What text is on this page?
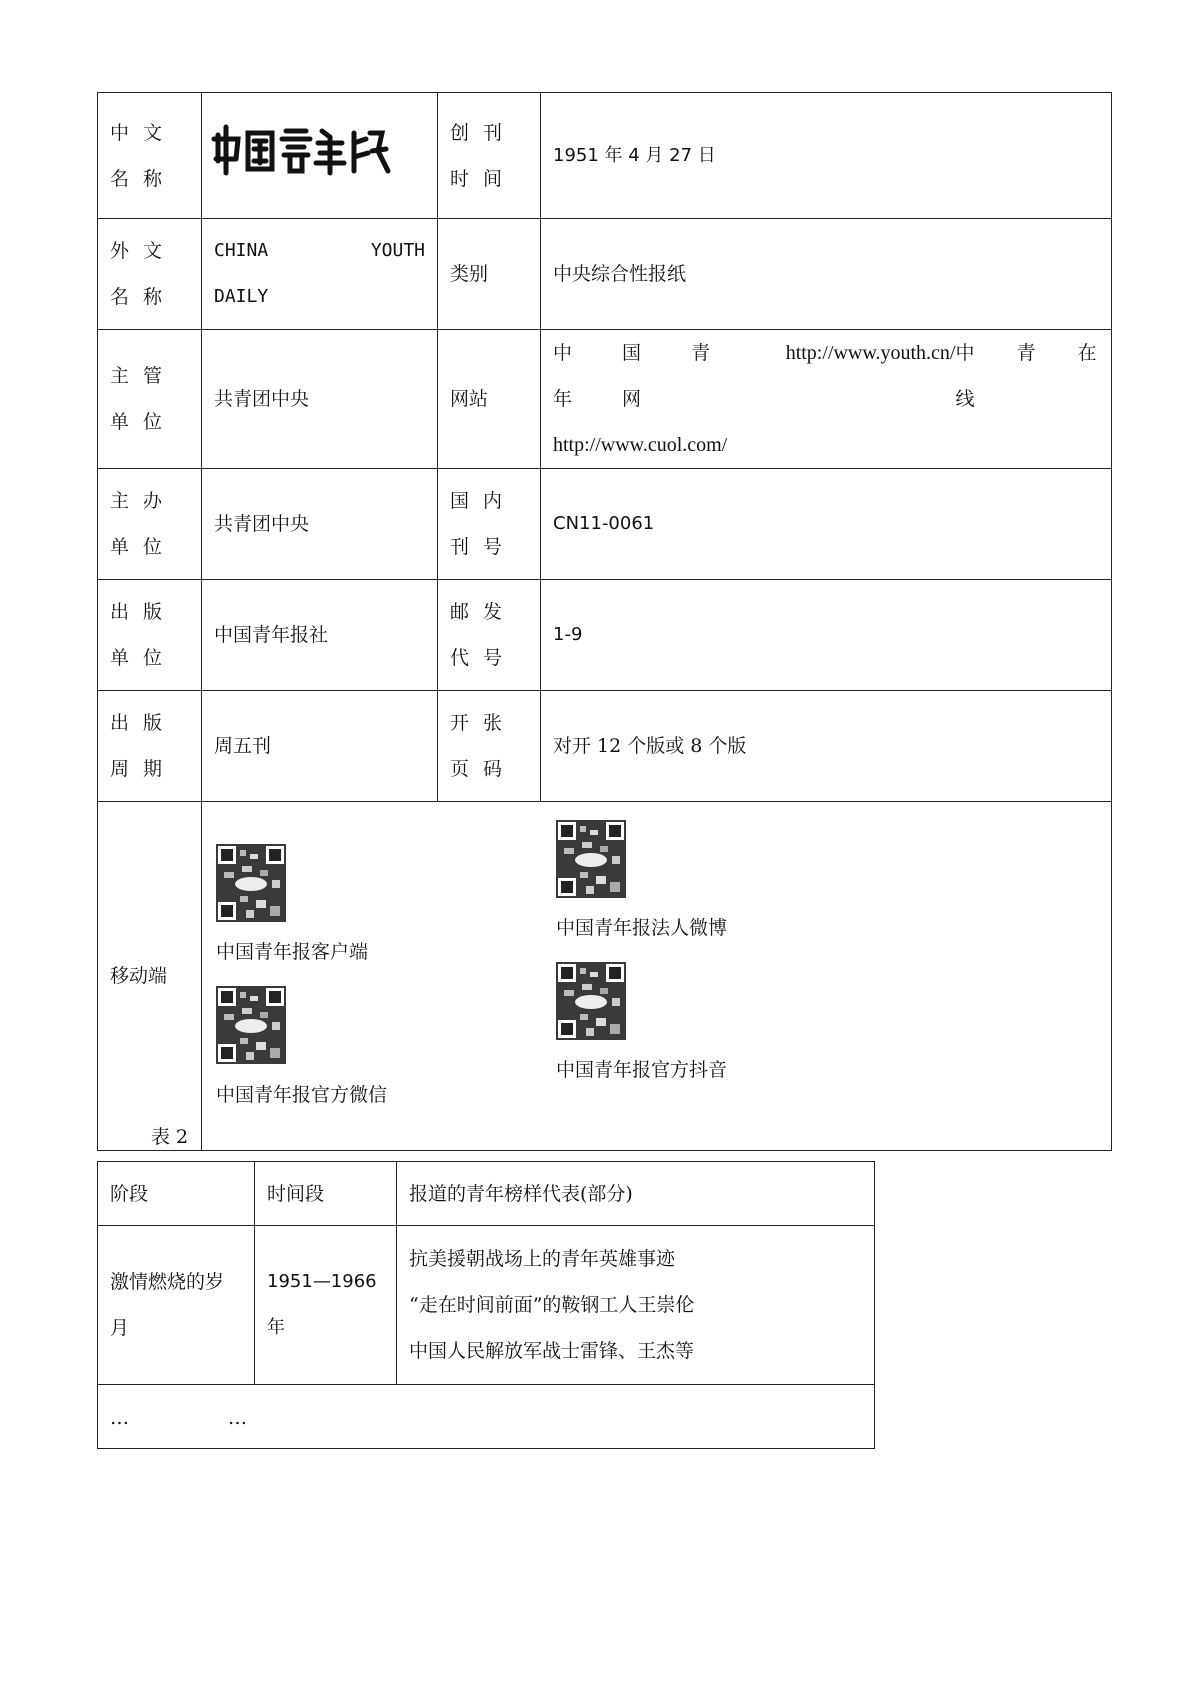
中文名称		创刊时间	1951 年 4 月 27 日
外文名称	CHINA YOUTH
DAILY	类别	中央综合性报纸
主管单位	共青团中央	网站	中 国 青 年 网
http://www.youth.cn/ 中 青 在 线
http://www.cuol.com/

主办单位	共青团中央	国内刊号	CN11-0061
出版单位	中国青年报社	邮发代号	1-9
出版周期	周五刊	开张页码	对开 12 个版或 8 个版
移动端	中国青年报客户端
中国青年报官方微信
中国青年报法人微博
中国青年报官方抖音		
表 2
阶段	时间段	报道的青年榜样代表(部分)
激情燃烧的岁月	1951—1966 年	抗美援朝战场上的青年英雄事迹
“走在时间前面”的鞍钢工人王崇伦
中国人民解放军战士雷锋、王杰等

… …		
